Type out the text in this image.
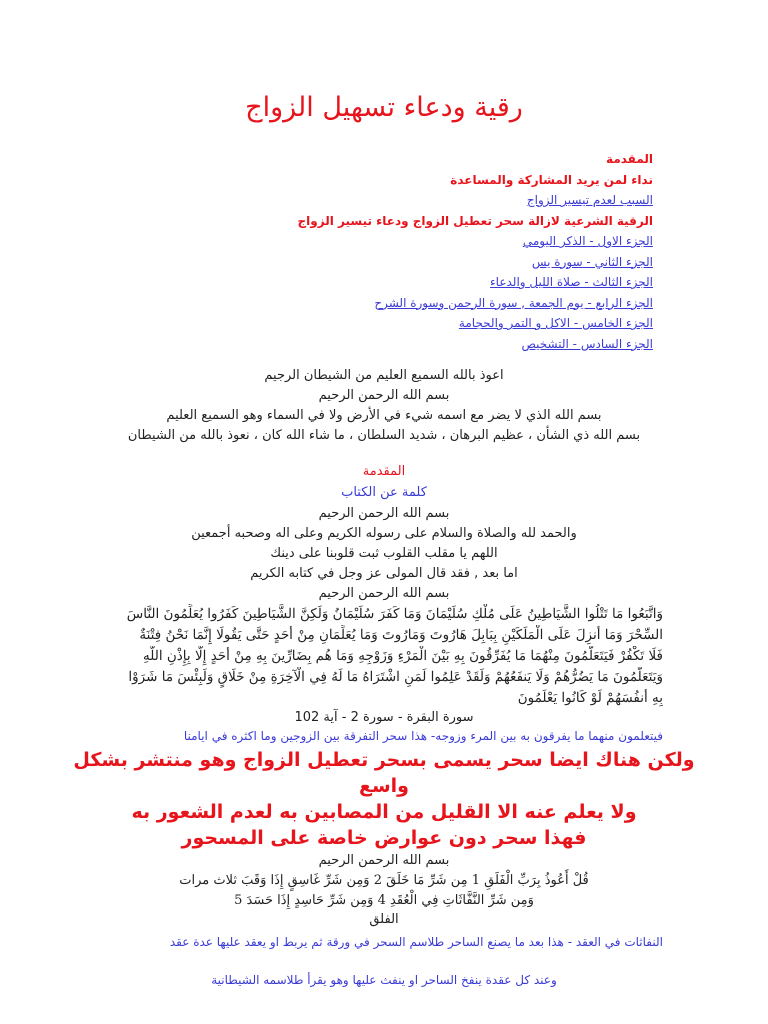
رقية ودعاء تسهيل الزواج
المقدمة
نداء لمن يريد المشاركة والمساعدة
السبب لعدم تيسير الزواج
الرقية الشرعية لازالة سحر تعطيل الزواج ودعاء تيسير الزواج
الجزء الاول - الذكر اليومي
الجزء الثاني - سورة يس
الجزء الثالث - صلاة الليل والدعاء
الجزء الرابع - يوم الجمعة , سورة الرحمن وسورة الشرح
الجزء الخامس - الاكل و التمر والحجامة
الجزء السادس - التشخيص
اعوذ بالله السميع العليم من الشيطان الرجيم
بسم الله الرحمن الرحيم
بسم الله الذي لا يضر مع اسمه شيء في الأرض ولا في السماء وهو السميع العليم
بسم الله ذي الشأن ، عظيم البرهان ، شديد السلطان ، ما شاء الله كان ، نعوذ بالله من الشيطان
المقدمة
كلمة عن الكتاب
بسم الله الرحمن الرحيم
والحمد لله والصلاة والسلام على رسوله الكريم وعلى اله وصحبه أجمعين
اللهم يا مقلب القلوب ثبت قلوبنا على دينك
اما بعد , فقد قال المولى عز وجل في كتابه الكريم
بسم الله الرحمن الرحيم
وَاتَّبَعُوا مَا تَتْلُوا الشَّيَاطِينُ عَلَى مُلْكِ سُلَيْمَانَ وَمَا كَفَرَ سُلَيْمَانُ وَلَكِنَّ الشَّيَاطِينَ كَفَرُوا يُعَلِّمُونَ النَّاسَ
السِّحْرَ وَمَا أُنزِلَ عَلَى الْمَلَكَيْنِ بِبَابِلَ هَارُوتَ وَمَارُوتَ وَمَا يُعَلِّمَانِ مِنْ أَحَدٍ حَتَّى يَقُولَا إِنَّمَا نَحْنُ فِتْنَةٌ
فَلَا تَكْفُرْ فَيَتَعَلَّمُونَ مِنْهُمَا مَا يُفَرِّقُونَ بِهِ بَيْنَ الْمَرْءِ وَزَوْجِهِ وَمَا هُم بِضَارِّينَ بِهِ مِنْ أَحَدٍ إِلَّا بِإِذْنِ اللَّهِ
وَيَتَعَلَّمُونَ مَا يَضُرُّهُمْ وَلَا يَنفَعُهُمْ وَلَقَدْ عَلِمُوا لَمَنِ اشْتَرَاهُ مَا لَهُ فِي الْآخِرَةِ مِنْ خَلَاقٍ وَلَبِئْسَ مَا شَرَوْا
بِهِ أَنفُسَهُمْ لَوْ كَانُوا يَعْلَمُونَ
سورة البقرة - سورة 2 - آية 102
فيتعلمون منهما ما يفرقون به بين المرء وزوجه- هذا سحر التفرقة بين الزوجين وما اكثره في ايامنا
ولكن هناك ايضا سحر يسمى بسحر تعطيل الزواج وهو منتشر بشكل
واسع
ولا يعلم عنه الا القليل من المصابين به لعدم الشعور به
فهذا سحر دون عوارض خاصة على المسحور
بسم الله الرحمن الرحيم
قُلْ أَعُوذُ بِرَبِّ الْفَلَقِ 1 مِن شَرِّ مَا خَلَقَ 2 وَمِن شَرِّ غَاسِقٍ إِذَا وَقَبَ ثلاث مرات
وَمِن شَرِّ النَّفَّاثَاتِ فِي الْعُقَدِ 4 وَمِن شَرِّ حَاسِدٍ إِذَا حَسَدَ 5
الفلق
النفاثات في العقد - هذا بعد ما يصنع الساحر طلاسم السحر في ورقة ثم يربط او يعقد عليها عدة عقد
وعند كل عقدة ينفخ الساحر او ينفث عليها وهو يقرأ طلاسمه الشيطانية
